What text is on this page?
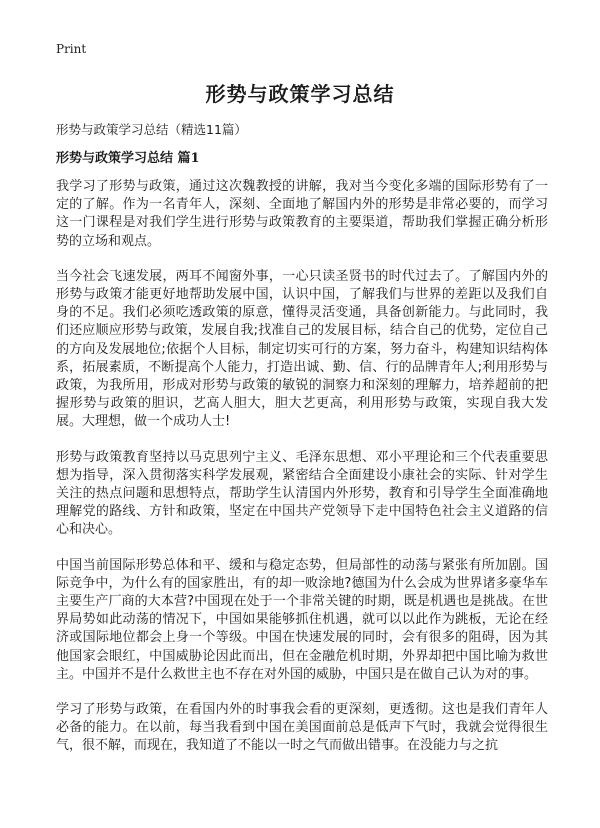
Print
形势与政策学习总结
形势与政策学习总结（精选11篇）
形势与政策学习总结 篇1

我学习了形势与政策，通过这次魏教授的讲解，我对当今变化多端的国际形势有了一定的了解。作为一名青年人，深刻、全面地了解国内外的形势是非常必要的，而学习这一门课程是对我们学生进行形势与政策教育的主要渠道，帮助我们掌握正确分析形势的立场和观点。

当今社会飞速发展，两耳不闻窗外事，一心只读圣贤书的时代过去了。了解国内外的形势与政策才能更好地帮助发展中国，认识中国，了解我们与世界的差距以及我们自身的不足。我们必须吃透政策的原意，懂得灵活变通，具备创新能力。与此同时，我们还应顺应形势与政策，发展自我;找准自己的发展目标，结合自己的优势，定位自己的方向及发展地位;依据个人目标，制定切实可行的方案，努力奋斗，构建知识结构体系，拓展素质，不断提高个人能力，打造出诚、勤、信、行的品牌青年人;利用形势与政策，为我所用，形成对形势与政策的敏锐的洞察力和深刻的理解力，培养超前的把握形势与政策的胆识，艺高人胆大，胆大艺更高，利用形势与政策，实现自我大发展。大理想，做一个成功人士!

形势与政策教育坚持以马克思列宁主义、毛泽东思想、邓小平理论和三个代表重要思想为指导，深入贯彻落实科学发展观，紧密结合全面建设小康社会的实际、针对学生关注的热点问题和思想特点，帮助学生认清国内外形势，教育和引导学生全面准确地理解党的路线、方针和政策，坚定在中国共产党领导下走中国特色社会主义道路的信心和决心。

中国当前国际形势总体和平、缓和与稳定态势，但局部性的动荡与紧张有所加剧。国际竞争中，为什么有的国家胜出，有的却一败涂地?德国为什么会成为世界诸多豪华车主要生产厂商的大本营?中国现在处于一个非常关键的时期，既是机遇也是挑战。在世界局势如此动荡的情况下，中国如果能够抓住机遇，就可以以此作为跳板，无论在经济或国际地位都会上身一个等级。中国在快速发展的同时，会有很多的阻碍，因为其他国家会眼红，中国威胁论因此而出，但在金融危机时期，外界却把中国比喻为救世主。中国并不是什么救世主也不存在对外国的威胁，中国只是在做自己认为对的事。

学习了形势与政策，在看国内外的时事我会看的更深刻，更透彻。这也是我们青年人必备的能力。在以前，每当我看到中国在美国面前总是低声下气时，我就会觉得很生气，很不解，而现在，我知道了不能以一时之气而做出错事。在没能力与之抗
